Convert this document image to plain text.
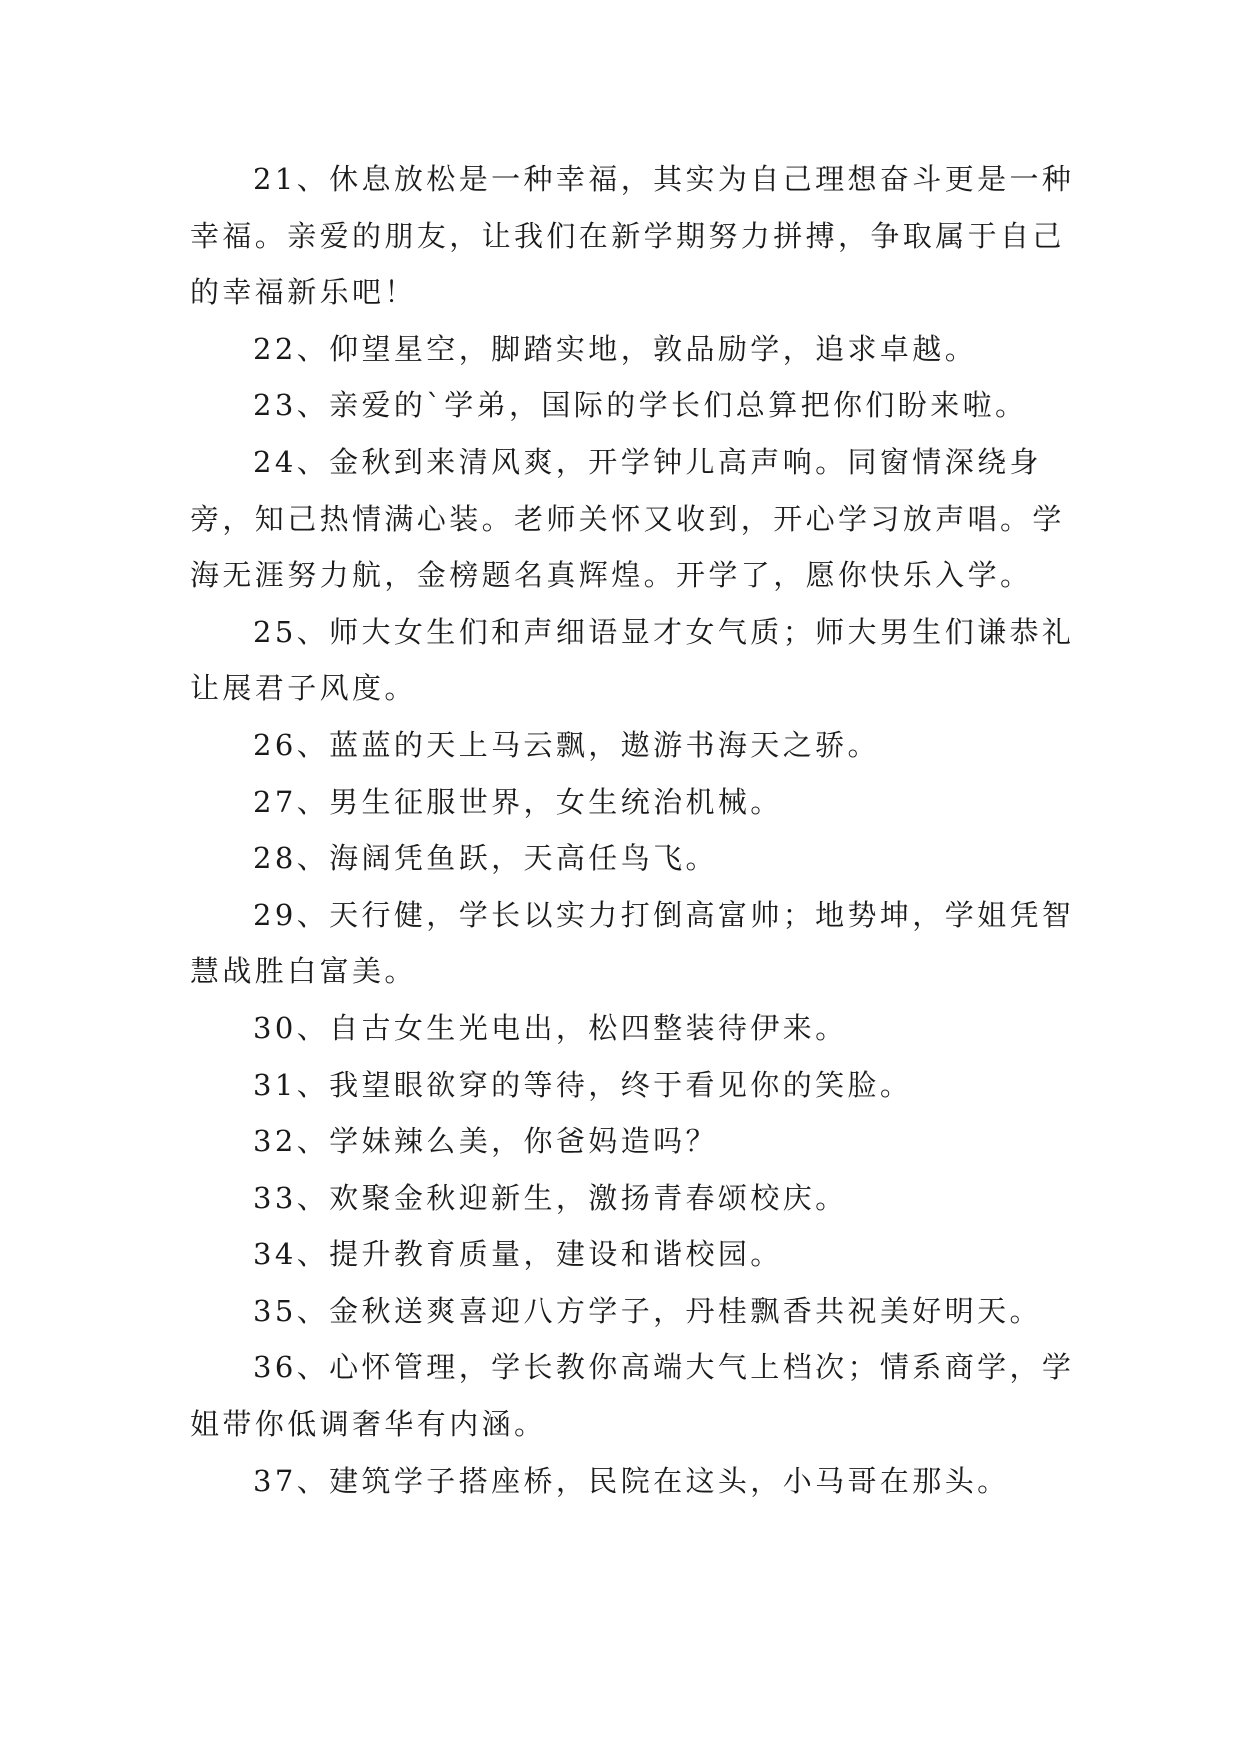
21、休息放松是一种幸福，其实为自己理想奋斗更是一种幸福。亲爱的朋友，让我们在新学期努力拼搏，争取属于自己的幸福新乐吧！

22、仰望星空，脚踏实地，敦品励学，追求卓越。

23、亲爱的`学弟，国际的学长们总算把你们盼来啦。

24、金秋到来清风爽，开学钟儿高声响。同窗情深绕身旁，知己热情满心装。老师关怀又收到，开心学习放声唱。学海无涯努力航，金榜题名真辉煌。开学了，愿你快乐入学。

25、师大女生们和声细语显才女气质；师大男生们谦恭礼让展君子风度。

26、蓝蓝的天上马云飘，遨游书海天之骄。

27、男生征服世界，女生统治机械。

28、海阔凭鱼跃，天高任鸟飞。

29、天行健，学长以实力打倒高富帅；地势坤，学姐凭智慧战胜白富美。

30、自古女生光电出，松四整装待伊来。

31、我望眼欲穿的等待，终于看见你的笑脸。

32、学妹辣么美，你爸妈造吗？

33、欢聚金秋迎新生，激扬青春颂校庆。

34、提升教育质量，建设和谐校园。

35、金秋送爽喜迎八方学子，丹桂飘香共祝美好明天。

36、心怀管理，学长教你高端大气上档次；情系商学，学姐带你低调奢华有内涵。

37、建筑学子搭座桥，民院在这头，小马哥在那头。
